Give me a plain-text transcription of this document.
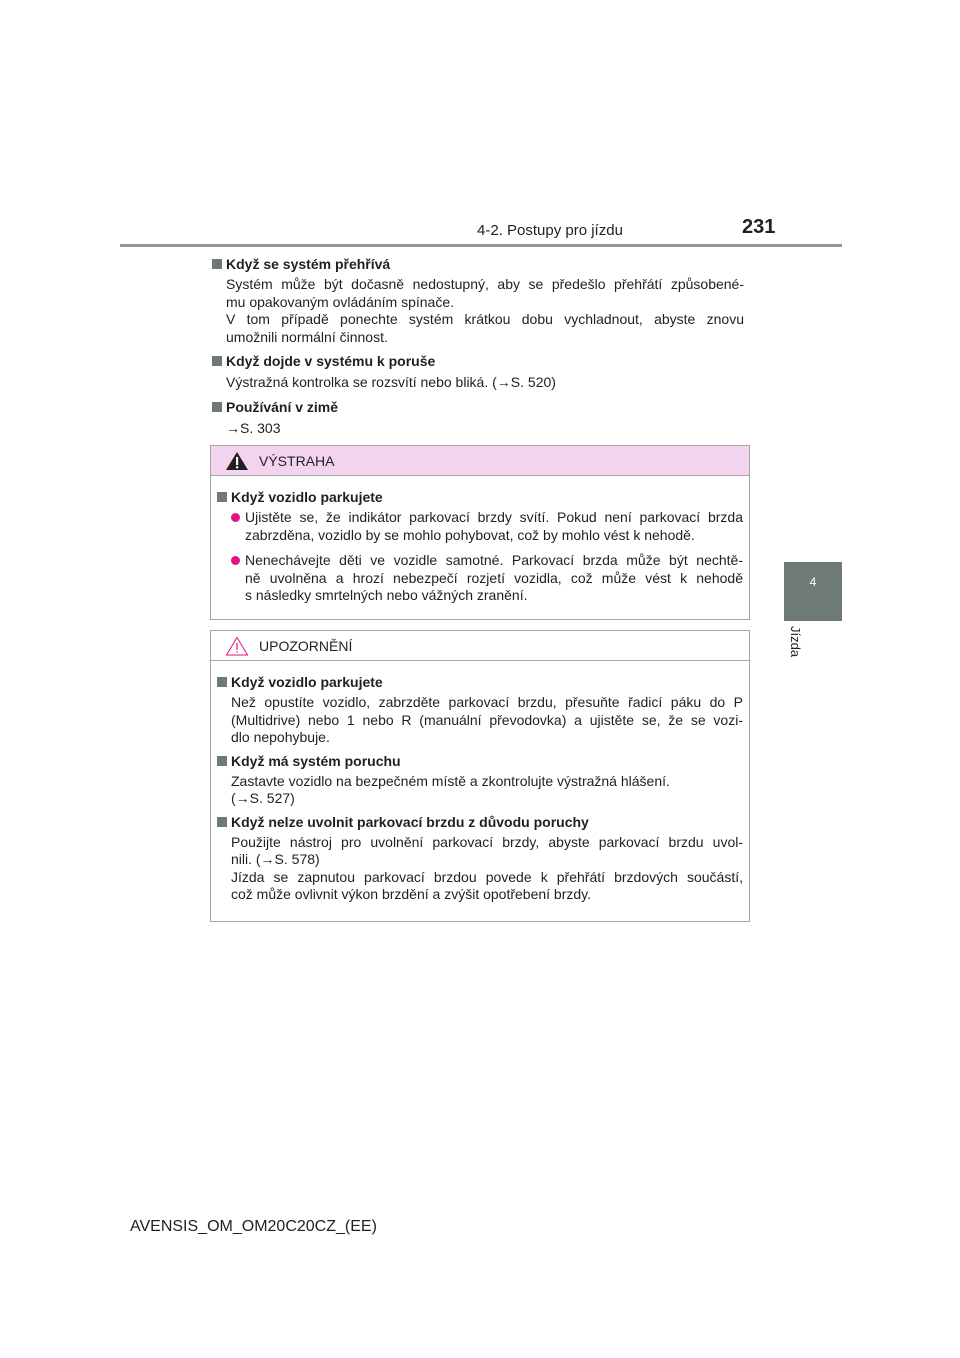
4-2. Postupy pro jízdu	231
4
Jízda
Když se systém přehřívá
Systém může být dočasně nedostupný, aby se předešlo přehřátí způsobené-
mu opakovaným ovládáním spínače.
V tom případě ponechte systém krátkou dobu vychladnout, abyste znovu
umožnili normální činnost.
Když dojde v systému k poruše
Výstražná kontrolka se rozsvítí nebo bliká. (→S. 520)
Používání v zimě
→S. 303
VÝSTRAHA
Když vozidlo parkujete
Ujistěte se, že indikátor parkovací brzdy svítí. Pokud není parkovací brzda
zabrzděna, vozidlo by se mohlo pohybovat, což by mohlo vést k nehodě.
Nenechávejte děti ve vozidle samotné. Parkovací brzda může být nechtě-
ně uvolněna a hrozí nebezpečí rozjetí vozidla, což může vést k nehodě
s následky smrtelných nebo vážných zranění.
UPOZORNĚNÍ
Když vozidlo parkujete
Než opustíte vozidlo, zabrzděte parkovací brzdu, přesuňte řadicí páku do P
(Multidrive) nebo 1 nebo R (manuální převodovka) a ujistěte se, že se vozi-
dlo nepohybuje.
Když má systém poruchu
Zastavte vozidlo na bezpečném místě a zkontrolujte výstražná hlášení.
(→S. 527)
Když nelze uvolnit parkovací brzdu z důvodu poruchy
Použijte nástroj pro uvolnění parkovací brzdy, abyste parkovací brzdu uvol-
nili. (→S. 578)
Jízda se zapnutou parkovací brzdou povede k přehřátí brzdových součástí,
což může ovlivnit výkon brzdění a zvýšit opotřebení brzdy.
AVENSIS_OM_OM20C20CZ_(EE)
